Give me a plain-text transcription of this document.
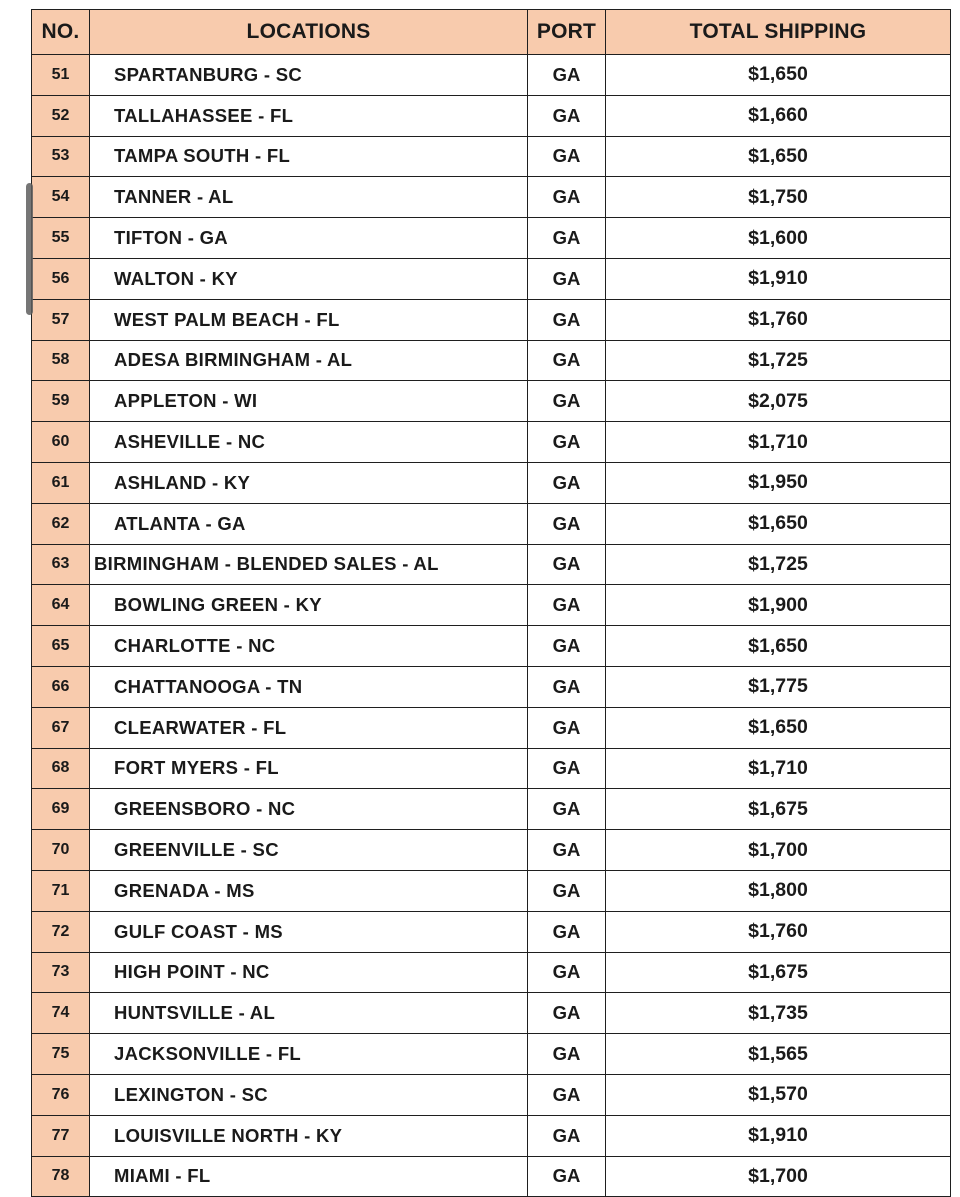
NO.	LOCATIONS	PORT	TOTAL SHIPPING
51	SPARTANBURG - SC	GA	$1,650
52	TALLAHASSEE - FL	GA	$1,660
53	TAMPA SOUTH - FL	GA	$1,650
54	TANNER - AL	GA	$1,750
55	TIFTON - GA	GA	$1,600
56	WALTON - KY	GA	$1,910
57	WEST PALM BEACH - FL	GA	$1,760
58	ADESA BIRMINGHAM - AL	GA	$1,725
59	APPLETON - WI	GA	$2,075
60	ASHEVILLE - NC	GA	$1,710
61	ASHLAND - KY	GA	$1,950
62	ATLANTA - GA	GA	$1,650
63	BIRMINGHAM - BLENDED SALES - AL	GA	$1,725
64	BOWLING GREEN - KY	GA	$1,900
65	CHARLOTTE - NC	GA	$1,650
66	CHATTANOOGA - TN	GA	$1,775
67	CLEARWATER - FL	GA	$1,650
68	FORT MYERS - FL	GA	$1,710
69	GREENSBORO - NC	GA	$1,675
70	GREENVILLE - SC	GA	$1,700
71	GRENADA - MS	GA	$1,800
72	GULF COAST - MS	GA	$1,760
73	HIGH POINT - NC	GA	$1,675
74	HUNTSVILLE - AL	GA	$1,735
75	JACKSONVILLE - FL	GA	$1,565
76	LEXINGTON - SC	GA	$1,570
77	LOUISVILLE NORTH - KY	GA	$1,910
78	MIAMI - FL	GA	$1,700
